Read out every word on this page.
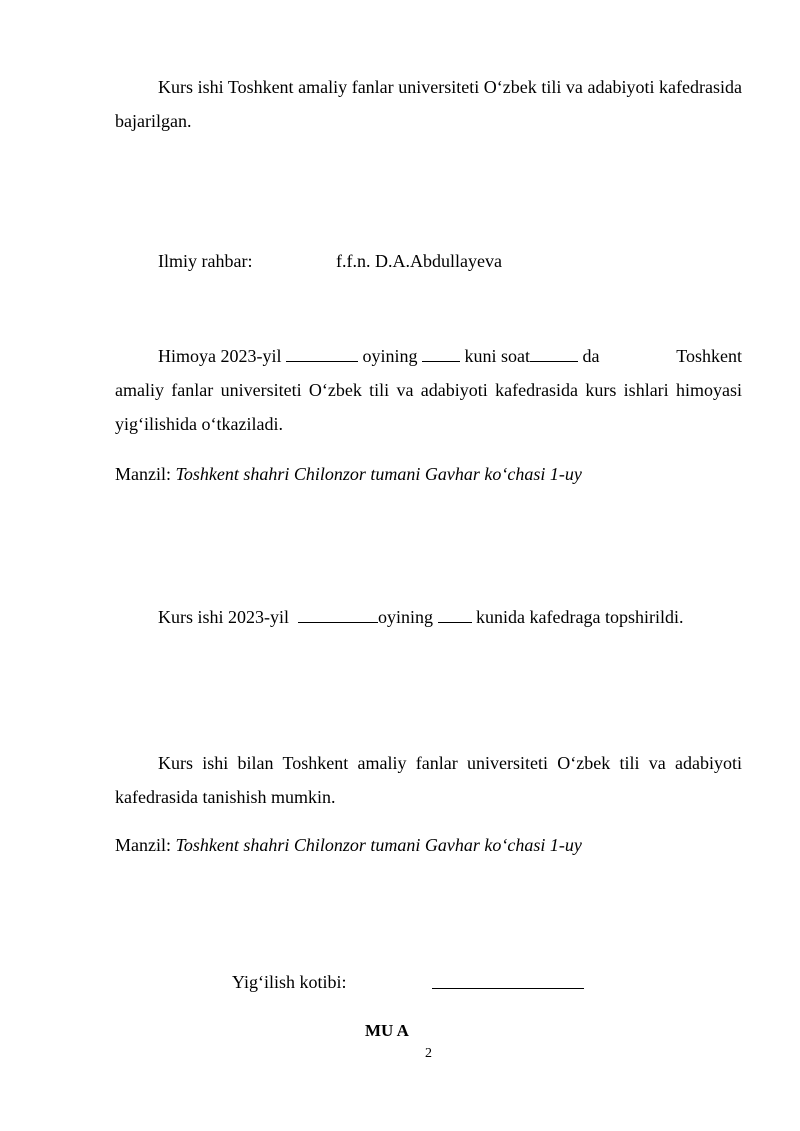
Kurs ishi Toshkent amaliy fanlar universiteti O‘zbek tili va adabiyoti kafedrasida bajarilgan.
Ilmiy rahbar:	f.f.n. D.A.Abdullayeva
Himoya 2023-yil	oyining	kuni soat	da	Toshkent
amaliy fanlar universiteti O‘zbek tili va adabiyoti kafedrasida kurs ishlari himoyasi yig‘ilishida o‘tkaziladi.
Manzil: Toshkent shahri Chilonzor tumani Gavhar ko‘chasi 1-uy
Kurs ishi 2023-yil	oyining kunida kafedraga topshirildi.
Kurs ishi bilan Toshkent amaliy fanlar universiteti O‘zbek tili va adabiyoti kafedrasida tanishish mumkin.
Manzil: Toshkent shahri Chilonzor tumani Gavhar ko‘chasi 1-uy
Yig‘ilish kotibi:
MU A
2
